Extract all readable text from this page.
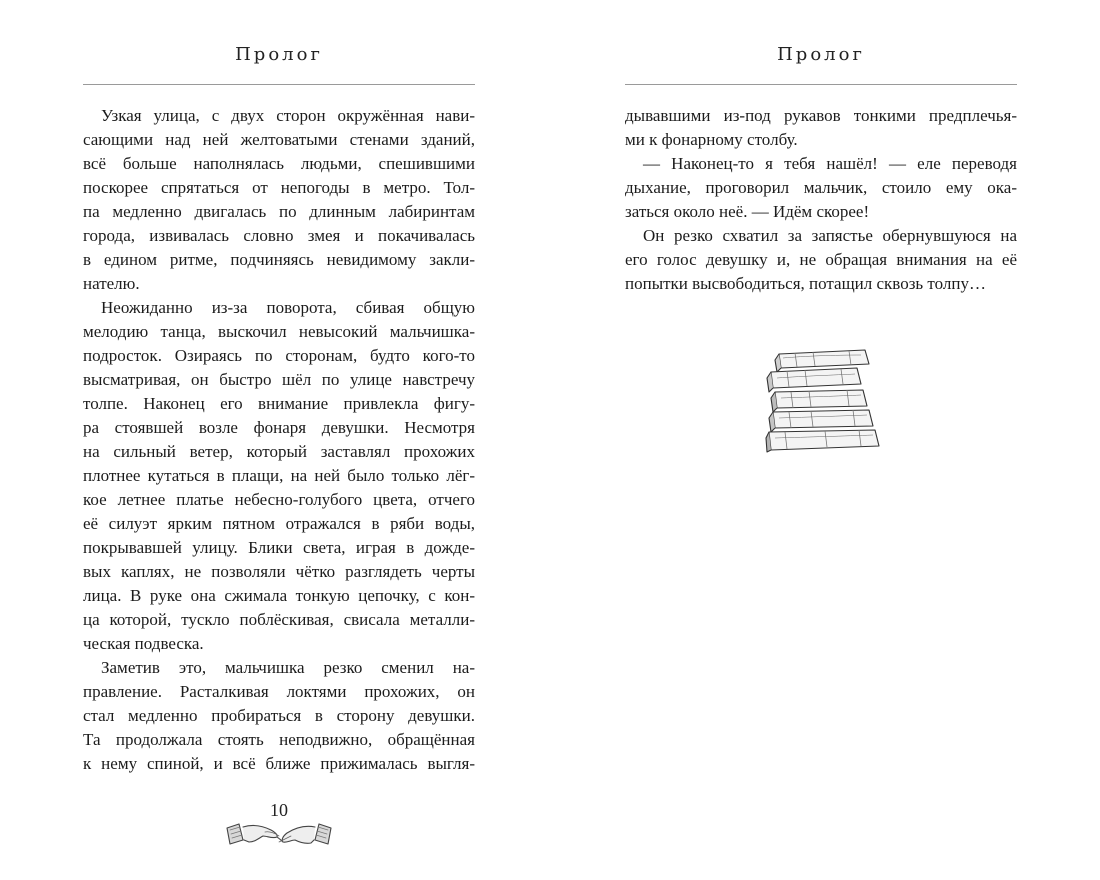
Пролог
Узкая улица, с двух сторон окружённая нави-
сающими над ней желтоватыми стенами зданий,
всё больше наполнялась людьми, спешившими
поскорее спрятаться от непогоды в метро. Тол-
па медленно двигалась по длинным лабиринтам
города, извивалась словно змея и покачивалась
в едином ритме, подчиняясь невидимому закли-
нателю.
Неожиданно из-за поворота, сбивая общую
мелодию танца, выскочил невысокий мальчишка-
подросток. Озираясь по сторонам, будто кого-то
высматривая, он быстро шёл по улице навстречу
толпе. Наконец его внимание привлекла фигу-
ра стоявшей возле фонаря девушки. Несмотря
на сильный ветер, который заставлял прохожих
плотнее кутаться в плащи, на ней было только лёг-
кое летнее платье небесно-голубого цвета, отчего
её силуэт ярким пятном отражался в ряби воды,
покрывавшей улицу. Блики света, играя в дожде-
вых каплях, не позволяли чётко разглядеть черты
лица. В руке она сжимала тонкую цепочку, с кон-
ца которой, тускло поблёскивая, свисала металли-
ческая подвеска.
Заметив это, мальчишка резко сменил на-
правление. Расталкивая локтями прохожих, он
стал медленно пробираться в сторону девушки.
Та продолжала стоять неподвижно, обращённая
к нему спиной, и всё ближе прижималась выгля-
10
Пролог
дывавшими из-под рукавов тонкими предплечья-
ми к фонарному столбу.
— Наконец-то я тебя нашёл! — еле переводя
дыхание, проговорил мальчик, стоило ему ока-
заться около неё. — Идём скорее!
Он резко схватил за запястье обернувшуюся на
его голос девушку и, не обращая внимания на её
попытки высвободиться, потащил сквозь толпу…
